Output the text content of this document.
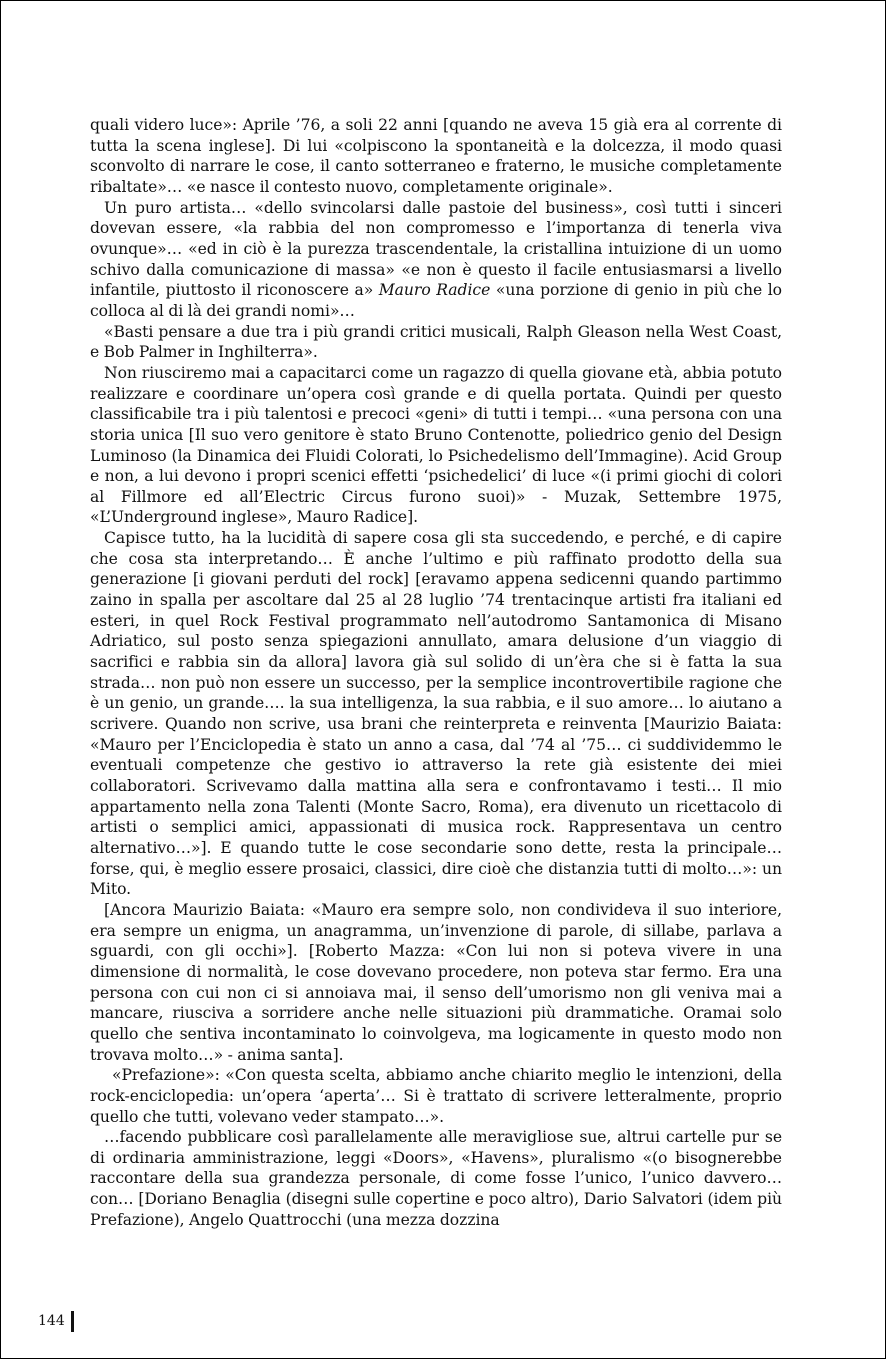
quali videro luce»: Aprile ’76, a soli 22 anni [quando ne aveva 15 già era al corrente di tutta la scena inglese]. Di lui «colpiscono la spontaneità e la dolcezza, il modo quasi sconvolto di narrare le cose, il canto sotterraneo e fraterno, le musiche completamente ribaltate»… «e nasce il contesto nuovo, completamente originale».

Un puro artista… «dello svincolarsi dalle pastoie del business», così tutti i sinceri dovevan essere, «la rabbia del non compromesso e l’importanza di tenerla viva ovunque»… «ed in ciò è la purezza trascendentale, la cristallina intuizione di un uomo schivo dalla comunicazione di massa» «e non è questo il facile entusiasmarsi a livello infantile, piuttosto il riconoscere a» Mauro Radice «una porzione di genio in più che lo colloca al di là dei grandi nomi»…

«Basti pensare a due tra i più grandi critici musicali, Ralph Gleason nella West Coast, e Bob Palmer in Inghilterra».

Non riusciremo mai a capacitarci come un ragazzo di quella giovane età, abbia potuto realizzare e coordinare un’opera così grande e di quella portata. Quindi per questo classificabile tra i più talentosi e precoci «geni» di tutti i tempi… «una persona con una storia unica [Il suo vero genitore è stato Bruno Contenotte, poliedrico genio del Design Luminoso (la Dinamica dei Fluidi Colorati, lo Psichedelismo dell’Immagine). Acid Group e non, a lui devono i propri scenici effetti ‘psichedelici’ di luce «(i primi giochi di colori al Fillmore ed all’Electric Circus furono suoi)» - Muzak, Settembre 1975, «L’Underground inglese», Mauro Radice].

Capisce tutto, ha la lucidità di sapere cosa gli sta succedendo, e perché, e di capire che cosa sta interpretando… È anche l’ultimo e più raffinato prodotto della sua generazione [i giovani perduti del rock] [eravamo appena sedicenni quando partimmo zaino in spalla per ascoltare dal 25 al 28 luglio ’74 trentacinque artisti fra italiani ed esteri, in quel Rock Festival programmato nell’autodromo Santamonica di Misano Adriatico, sul posto senza spiegazioni annullato, amara delusione d’un viaggio di sacrifici e rabbia sin da allora] lavora già sul solido di un’èra che si è fatta la sua strada… non può non essere un successo, per la semplice incontrovertibile ragione che è un genio, un grande…. la sua intelligenza, la sua rabbia, e il suo amore… lo aiutano a scrivere. Quando non scrive, usa brani che reinterpreta e reinventa [Maurizio Baiata: «Mauro per l’Enciclopedia è stato un anno a casa, dal ’74 al ’75… ci suddividemmo le eventuali competenze che gestivo io attraverso la rete già esistente dei miei collaboratori. Scrivevamo dalla mattina alla sera e confrontavamo i testi… Il mio appartamento nella zona Talenti (Monte Sacro, Roma), era divenuto un ricettacolo di artisti o semplici amici, appassionati di musica rock. Rappresentava un centro alternativo…»]. E quando tutte le cose secondarie sono dette, resta la principale… forse, qui, è meglio essere prosaici, classici, dire cioè che distanzia tutti di molto…»: un Mito.

[Ancora Maurizio Baiata: «Mauro era sempre solo, non condivideva il suo interiore, era sempre un enigma, un anagramma, un’invenzione di parole, di sillabe, parlava a sguardi, con gli occhi»]. [Roberto Mazza: «Con lui non si poteva vivere in una dimensione di normalità, le cose dovevano procedere, non poteva star fermo. Era una persona con cui non ci si annoiava mai, il senso dell’umorismo non gli veniva mai a mancare, riusciva a sorridere anche nelle situazioni più drammatiche. Oramai solo quello che sentiva incontaminato lo coinvolgeva, ma logicamente in questo modo non trovava molto…» - anima santa].

«Prefazione»: «Con questa scelta, abbiamo anche chiarito meglio le intenzioni, della rock-enciclopedia: un’opera ‘aperta’… Si è trattato di scrivere letteralmente, proprio quello che tutti, volevano veder stampato…».

…facendo pubblicare così parallelamente alle meravigliose sue, altrui cartelle pur se di ordinaria amministrazione, leggi «Doors», «Havens», pluralismo «(o bisognerebbe raccontare della sua grandezza personale, di come fosse l’unico, l’unico davvero… con… [Doriano Benaglia (disegni sulle copertine e poco altro), Dario Salvatori (idem più Prefazione), Angelo Quattrocchi (una mezza dozzina

144
